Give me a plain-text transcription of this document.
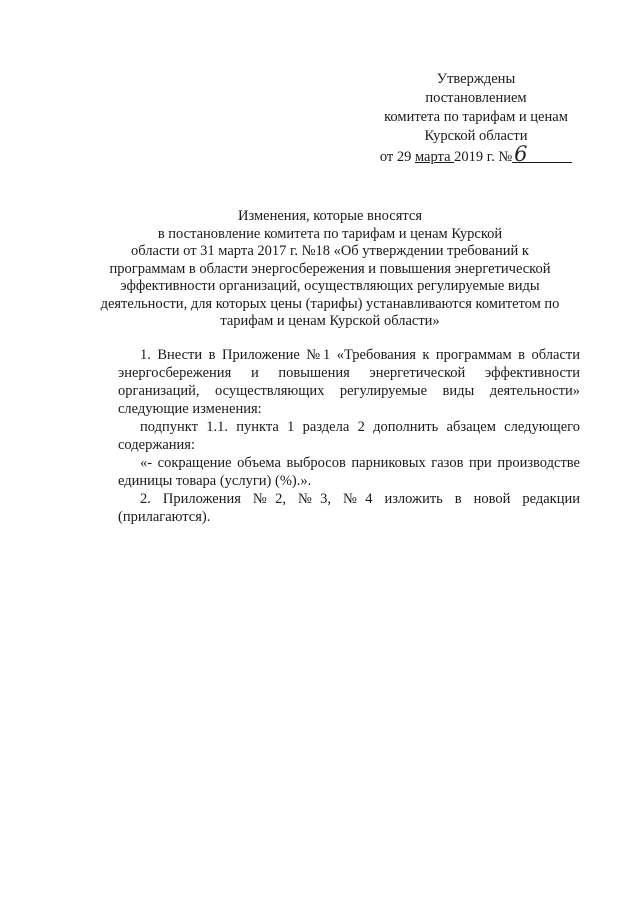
Утверждены
постановлением
комитета по тарифам и ценам
Курской области
от 29 марта 2019 г. №6
Изменения, которые вносятся
в постановление комитета по тарифам и ценам Курской
области от 31 марта 2017 г. №18 «Об утверждении требований к
программам в области энергосбережения и повышения энергетической
эффективности организаций, осуществляющих регулируемые виды
деятельности, для которых цены (тарифы) устанавливаются комитетом по
тарифам и ценам Курской области»

1. Внести в Приложение №1 «Требования к программам в области энергосбережения и повышения энергетической эффективности организаций, осуществляющих регулируемые виды деятельности» следующие изменения:

подпункт 1.1. пункта 1 раздела 2 дополнить абзацем следующего содержания:

«- сокращение объема выбросов парниковых газов при производстве единицы товара (услуги) (%).».

2. Приложения №2, №3, №4 изложить в новой редакции (прилагаются).
